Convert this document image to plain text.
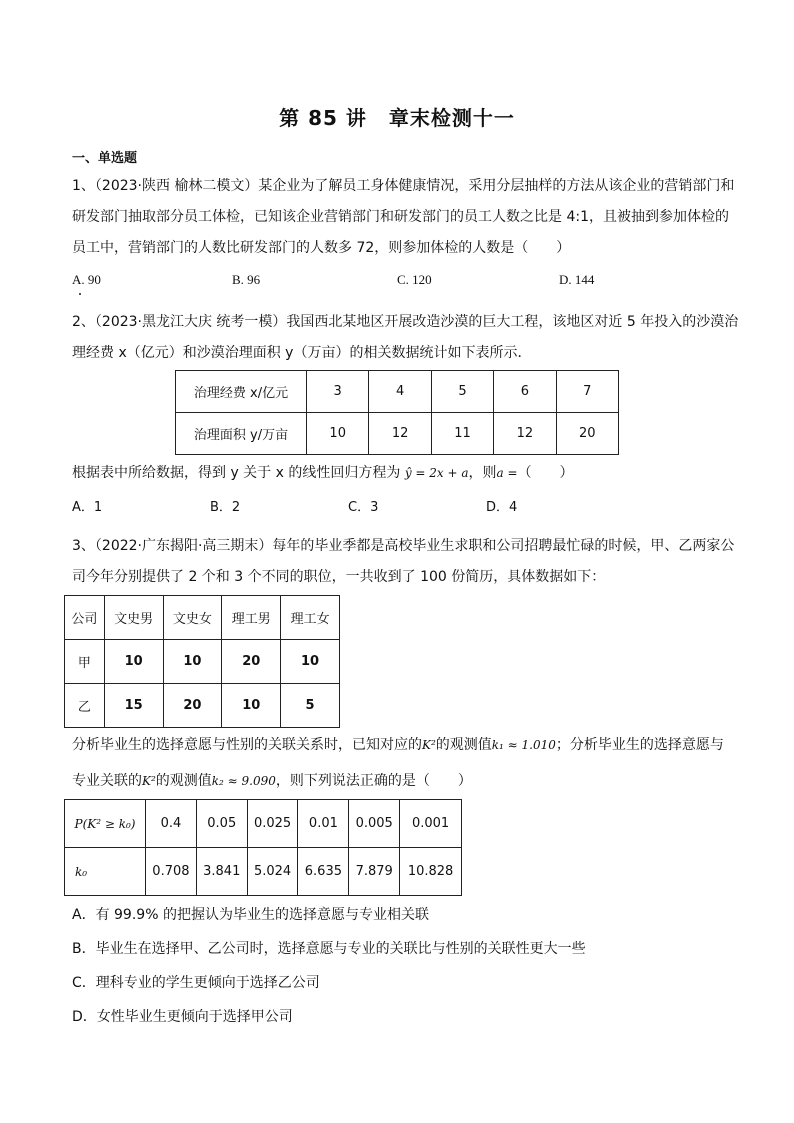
第 85 讲 章末检测十一
一、单选题
1、（2023·陕西 榆林二模文）某企业为了解员工身体健康情况，采用分层抽样的方法从该企业的营销部门和
研发部门抽取部分员工体检，已知该企业营销部门和研发部门的员工人数之比是 4:1，且被抽到参加体检的
员工中，营销部门的人数比研发部门的人数多 72，则参加体检的人数是（　　）
A. 90	B. 96	C. 120	D. 144
2、（2023·黑龙江大庆 统考一模）我国西北某地区开展改造沙漠的巨大工程，该地区对近 5 年投入的沙漠治
理经费 x（亿元）和沙漠治理面积 y（万亩）的相关数据统计如下表所示．
治理经费 x/亿元	3	4	5	6	7
治理面积 y/万亩	10	12	11	12	20
根据表中所给数据，得到 y 关于 x 的线性回归方程为 ŷ = 2x + a，则a =（　　）
A．1	B．2	C．3	D．4
3、（2022·广东揭阳·高三期末）每年的毕业季都是高校毕业生求职和公司招聘最忙碌的时候，甲、乙两家公
司今年分别提供了 2 个和 3 个不同的职位，一共收到了 100 份简历，具体数据如下：
公司	文史男	文史女	理工男	理工女
甲	10	10	20	10
乙	15	20	10	5
分析毕业生的选择意愿与性别的关联关系时，已知对应的K²的观测值k₁ ≈ 1.010；分析毕业生的选择意愿与
专业关联的K²的观测值k₂ ≈ 9.090，则下列说法正确的是（　　）
P(K² ≥ k₀)	0.4	0.05	0.025	0.01	0.005	0.001
k₀	0.708	3.841	5.024	6.635	7.879	10.828
A．有 99.9% 的把握认为毕业生的选择意愿与专业相关联
B．毕业生在选择甲、乙公司时，选择意愿与专业的关联比与性别的关联性更大一些
C．理科专业的学生更倾向于选择乙公司
D．女性毕业生更倾向于选择甲公司
